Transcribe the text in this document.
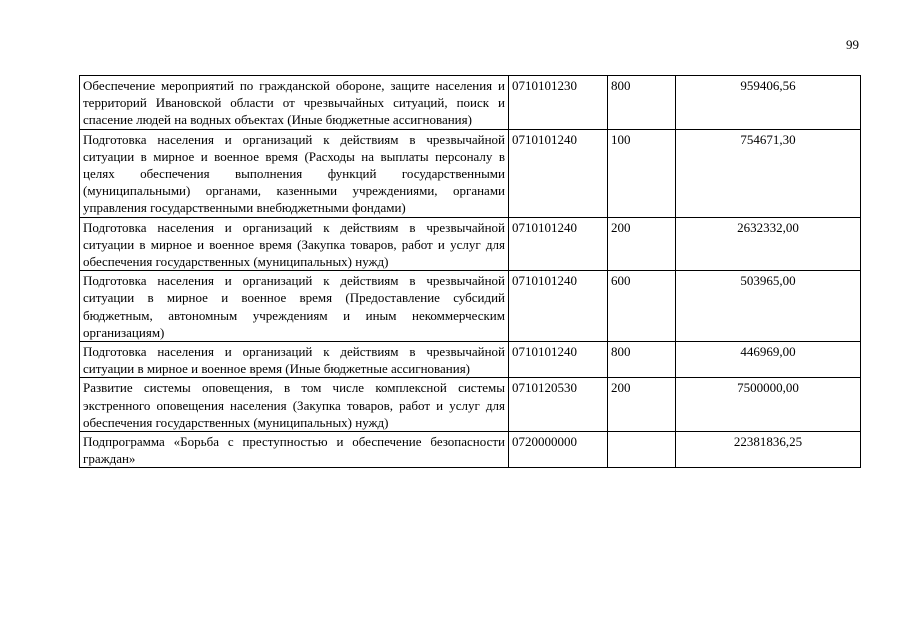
99
Обеспечение мероприятий по гражданской обороне, защите населения и территорий Ивановской области от чрезвычайных ситуаций, поиск и спасение людей на водных объектах (Иные бюджетные ассигнования)	0710101230	800	959406,56
Подготовка населения и организаций к действиям в чрезвычайной ситуации в мирное и военное время (Расходы на выплаты персоналу в целях обеспечения выполнения функций государственными (муниципальными) органами, казенными учреждениями, органами управления государственными внебюджетными фондами)	0710101240	100	754671,30
Подготовка населения и организаций к действиям в чрезвычайной ситуации в мирное и военное время (Закупка товаров, работ и услуг для обеспечения государственных (муниципальных) нужд)	0710101240	200	2632332,00
Подготовка населения и организаций к действиям в чрезвычайной ситуации в мирное и военное время (Предоставление субсидий бюджетным, автономным учреждениям и иным некоммерческим организациям)	0710101240	600	503965,00
Подготовка населения и организаций к действиям в чрезвычайной ситуации в мирное и военное время (Иные бюджетные ассигнования)	0710101240	800	446969,00
Развитие системы оповещения, в том числе комплексной системы экстренного оповещения населения (Закупка товаров, работ и услуг для обеспечения государственных (муниципальных) нужд)	0710120530	200	7500000,00
Подпрограмма «Борьба с преступностью и обеспечение безопасности граждан»	0720000000		22381836,25
